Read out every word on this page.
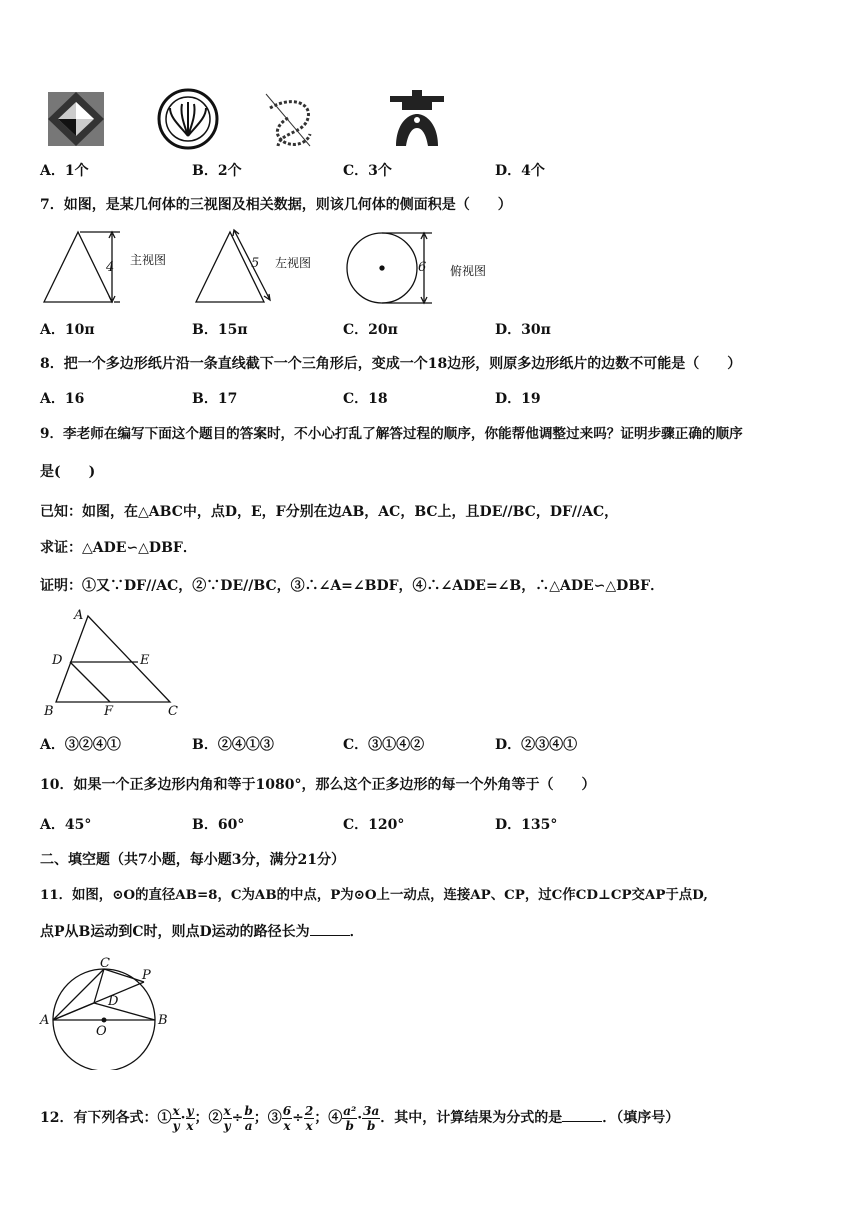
A．1个	B．2个	C．3个	D．4个
7．如图，是某几何体的三视图及相关数据，则该几何体的侧面积是（　　）
4	5	6
主视图	左视图
俯视图
A．10π	B．15π	C．20π	D．30π
8．把一个多边形纸片沿一条直线截下一个三角形后，变成一个18边形，则原多边形纸片的边数不可能是（　　）
A．16	B．17	C．18	D．19
9．李老师在编写下面这个题目的答案时，不小心打乱了解答过程的顺序，你能帮他调整过来吗？证明步骤正确的顺序
是(　　)
已知：如图，在△ABC中，点D，E，F分别在边AB，AC，BC上，且DE//BC，DF//AC，
求证：△ADE∽△DBF．
证明：①又∵DF//AC，②∵DE//BC，③∴∠A=∠BDF，④∴∠ADE=∠B，∴△ADE∽△DBF．
A
D	E
B	F	C
A．③②④①	B．②④①③	C．③①④②	D．②③④①
10．如果一个正多边形内角和等于1080°，那么这个正多边形的每一个外角等于（　　）
A．45°	B．60°	C．120°	D．135°
二、填空题（共7小题，每小题3分，满分21分）
11．如图，⊙O的直径AB=8，C为AB的中点，P为⊙O上一动点，连接AP、CP，过C作CD⊥CP交AP于点D,
点P从B运动到C时，则点D运动的路径长为	．
C
P
D
A	B
O
12．有下列各式：① $\frac{x}{y} \cdot \frac{y}{x}$ ；② $\frac{x}{y} \div \frac{b}{a}$ ；③ $\frac{6}{x} \div \frac{2}{x}$ ；④ $\frac{\text{a²}}{b} \cdot \frac{3a}{b}$ ．其中，计算结果为分式的是	．（填序号）
